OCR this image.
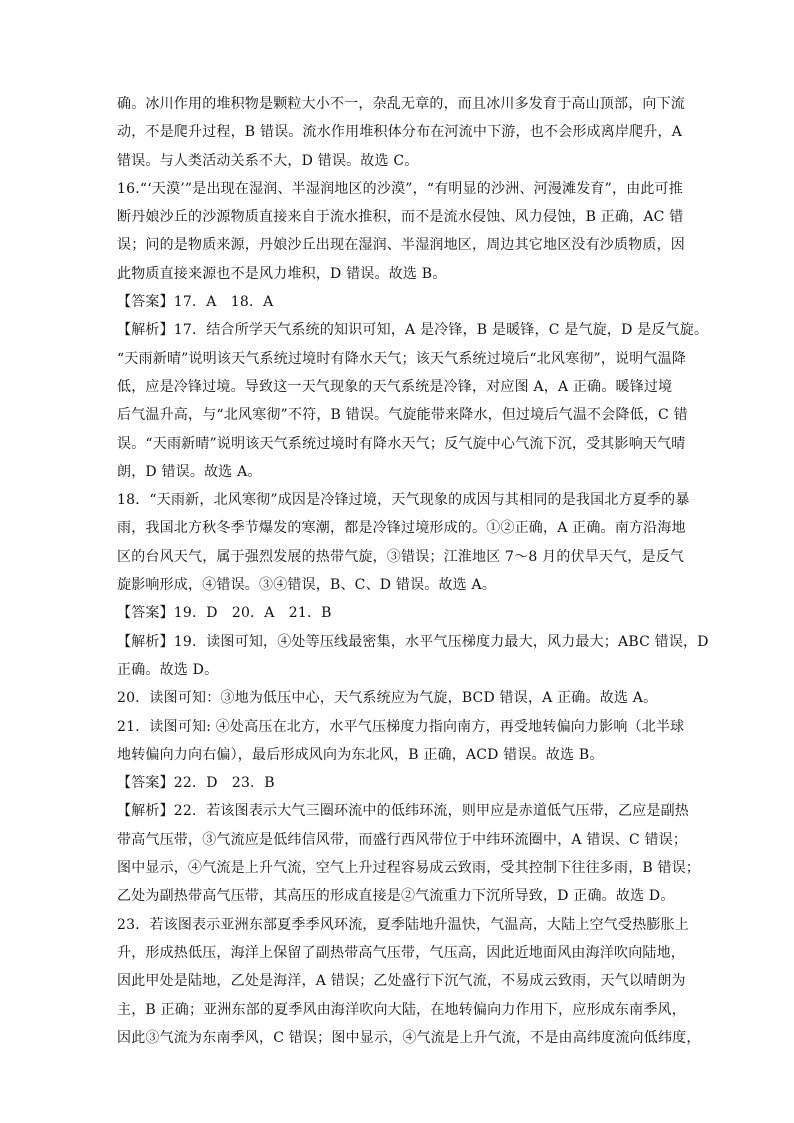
确。冰川作用的堆积物是颗粒大小不一，杂乱无章的，而且冰川多发育于高山顶部，向下流
动，不是爬升过程，B 错误。流水作用堆积体分布在河流中下游，也不会形成离岸爬升，A
错误。与人类活动关系不大，D 错误。故选 C。
16.“‘天漠’”是出现在湿润、半湿润地区的沙漠”，“有明显的沙洲、河漫滩发育”，由此可推
断丹娘沙丘的沙源物质直接来自于流水推积，而不是流水侵蚀、风力侵蚀，B 正确，AC 错
误；问的是物质来源，丹娘沙丘出现在湿润、半湿润地区，周边其它地区没有沙质物质，因
此物质直接来源也不是风力堆积，D 错误。故选 B。
【答案】17．A　18．A
【解析】17．结合所学天气系统的知识可知，A 是冷锋，B 是暖锋，C 是气旋，D 是反气旋。
“天雨新晴”说明该天气系统过境时有降水天气；该天气系统过境后“北风寒彻”，说明气温降
低，应是冷锋过境。导致这一天气现象的天气系统是冷锋，对应图 A，A 正确。暖锋过境
后气温升高，与“北风寒彻”不符，B 错误。气旋能带来降水，但过境后气温不会降低，C 错
误。“天雨新晴”说明该天气系统过境时有降水天气；反气旋中心气流下沉，受其影响天气晴
朗，D 错误。故选 A。
18．“天雨新，北风寒彻”成因是冷锋过境，天气现象的成因与其相同的是我国北方夏季的暴
雨，我国北方秋冬季节爆发的寒潮，都是冷锋过境形成的。①②正确，A 正确。南方沿海地
区的台风天气，属于强烈发展的热带气旋，③错误；江淮地区 7～8 月的伏旱天气，是反气
旋影响形成，④错误。③④错误，B、C、D 错误。故选 A。
【答案】19．D　20．A　21．B
【解析】19．读图可知，④处等压线最密集，水平气压梯度力最大，风力最大；ABC 错误，D
正确。故选 D。
20．读图可知：③地为低压中心，天气系统应为气旋，BCD 错误，A 正确。故选 A。
21．读图可知: ④处高压在北方，水平气压梯度力指向南方，再受地转偏向力影响（北半球
地转偏向力向右偏），最后形成风向为东北风，B 正确，ACD 错误。故选 B。
【答案】22．D　23．B
【解析】22．若该图表示大气三圈环流中的低纬环流，则甲应是赤道低气压带，乙应是副热
带高气压带，③气流应是低纬信风带，而盛行西风带位于中纬环流圈中，A 错误、C 错误；
图中显示，④气流是上升气流，空气上升过程容易成云致雨，受其控制下往往多雨，B 错误；
乙处为副热带高气压带，其高压的形成直接是②气流重力下沉所导致，D 正确。故选 D。
23．若该图表示亚洲东部夏季季风环流，夏季陆地升温快，气温高，大陆上空气受热膨胀上
升，形成热低压，海洋上保留了副热带高气压带，气压高，因此近地面风由海洋吹向陆地，
因此甲处是陆地，乙处是海洋，A 错误；乙处盛行下沉气流，不易成云致雨，天气以晴朗为
主，B 正确；亚洲东部的夏季风由海洋吹向大陆，在地转偏向力作用下，应形成东南季风，
因此③气流为东南季风，C 错误；图中显示，④气流是上升气流，不是由高纬度流向低纬度，
